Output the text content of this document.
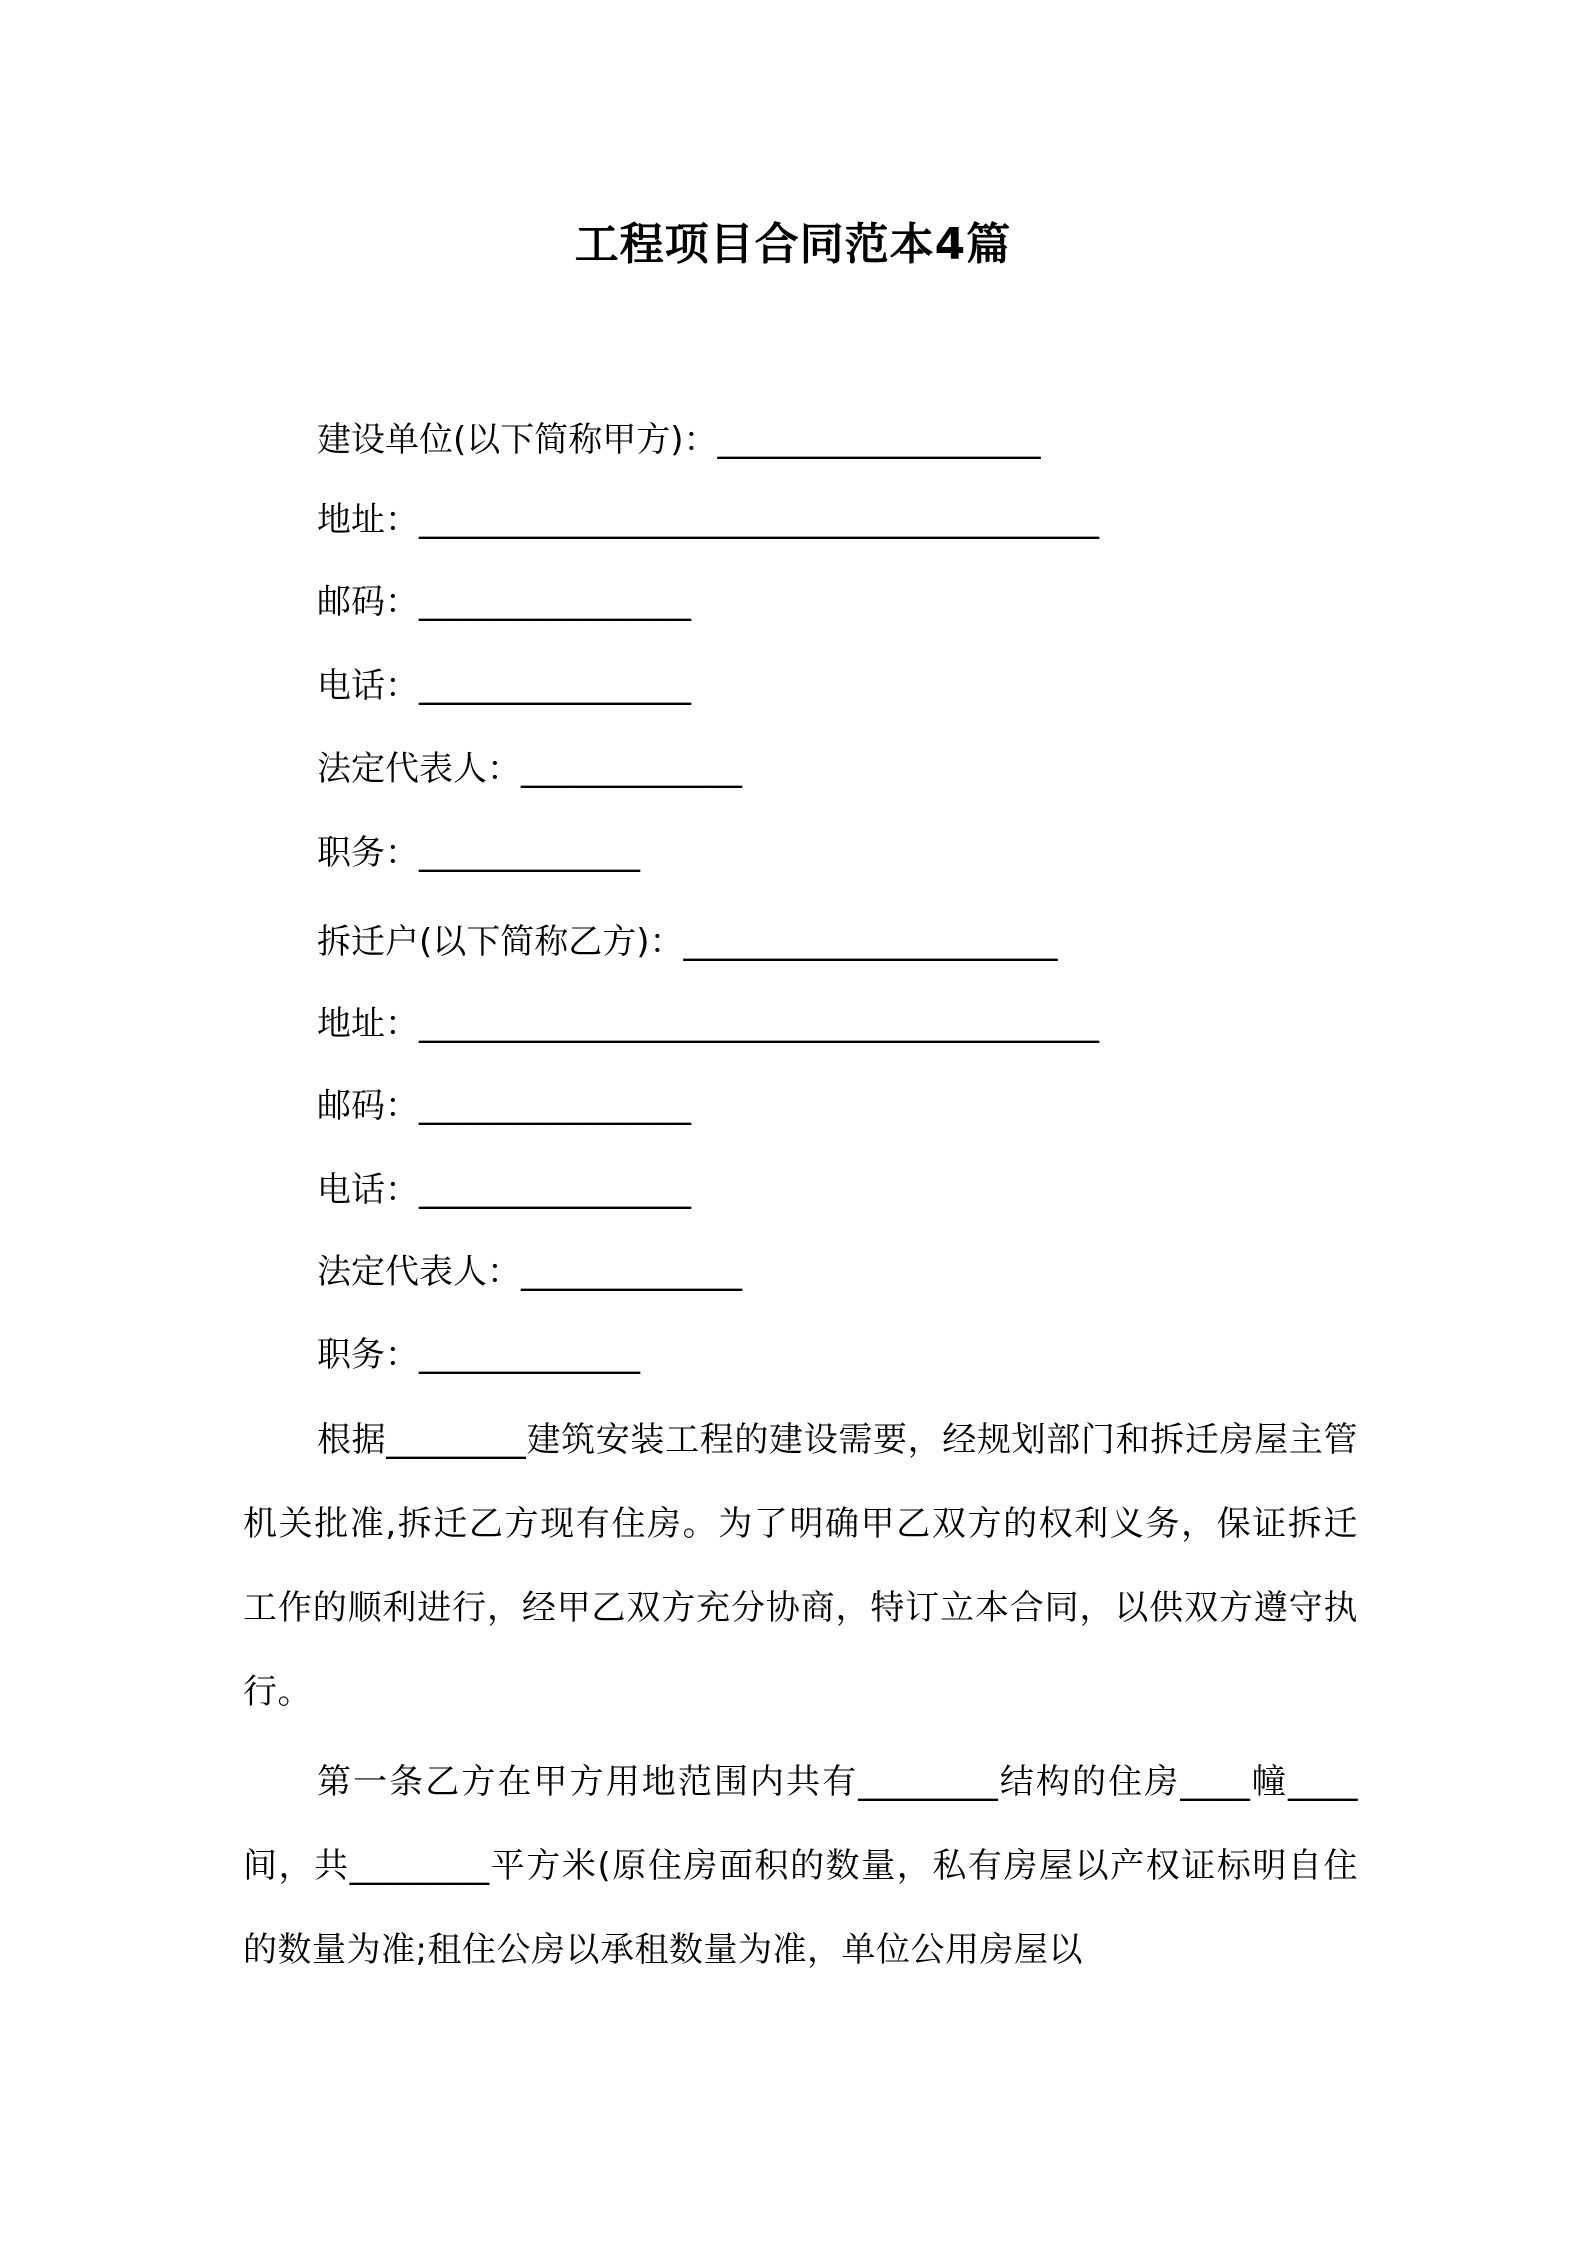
工程项目合同范本4篇
建设单位(以下简称甲方)：___________________
地址：________________________________________
邮码：________________
电话：________________
法定代表人：_____________
职务：_____________
拆迁户(以下简称乙方)：______________________
地址：________________________________________
邮码：________________
电话：________________
法定代表人：_____________
职务：_____________
根据________建筑安装工程的建设需要，经规划部门和拆迁房屋主管机关批准,拆迁乙方现有住房。为了明确甲乙双方的权利义务，保证拆迁工作的顺利进行，经甲乙双方充分协商，特订立本合同，以供双方遵守执行。
第一条乙方在甲方用地范围内共有________结构的住房____幢____间，共________平方米(原住房面积的数量，私有房屋以产权证标明自住的数量为准;租住公房以承租数量为准，单位公用房屋以
